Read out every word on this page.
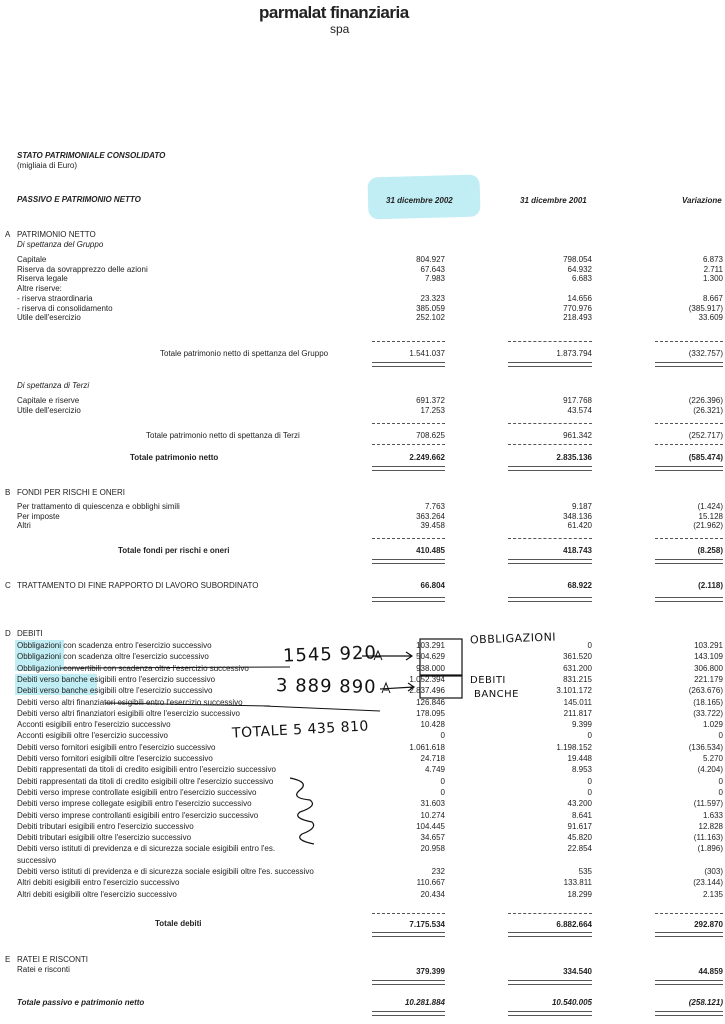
parmalat finanziaria
spa
STATO PATRIMONIALE CONSOLIDATO
(migliaia di Euro)
PASSIVO E PATRIMONIO NETTO	31 dicembre 2002	31 dicembre 2001	Variazione
A PATRIMONIO NETTO
Di spettanza del Gruppo
Capitale	804.927	798.054	6.873
Riserva da sovrapprezzo delle azioni	67.643	64.932	2.711
Riserva legale	7.983	6.683	1.300
Altre riserve:
- riserva straordinaria	23.323	14.656	8.667
- riserva di consolidamento	385.059	770.976	(385.917)
Utile dell'esercizio	252.102	218.493	33.609
Totale patrimonio netto di spettanza del Gruppo	1.541.037	1.873.794	(332.757)
Di spettanza di Terzi
Capitale e riserve	691.372	917.768	(226.396)
Utile dell'esercizio	17.253	43.574	(26.321)
Totale patrimonio netto di spettanza di Terzi	708.625	961.342	(252.717)
Totale patrimonio netto	2.249.662	2.835.136	(585.474)
B FONDI PER RISCHI E ONERI
Per trattamento di quiescenza e obblighi simili	7.763	9.187	(1.424)
Per imposte	363.264	348.136	15.128
Altri	39.458	61.420	(21.962)
Totale fondi per rischi e oneri	410.485	418.743	(8.258)
C TRATTAMENTO DI FINE RAPPORTO DI LAVORO SUBORDINATO	66.804	68.922	(2.118)
D DEBITI
Obbligazioni con scadenza entro l'esercizio successivo	103.291	0	103.291
Obbligazioni con scadenza oltre l'esercizio successivo	504.629	361.520	143.109
Obbligazioni convertibili con scadenza oltre l'esercizio successivo	938.000	631.200	306.800
Debiti verso banche esigibili entro l'esercizio successivo	1.052.394	831.215	221.179
Debiti verso banche esigibili oltre l'esercizio successivo	2.837.496	3.101.172	(263.676)
Debiti verso altri finanziatori esigibili entro l'esercizio successivo	126.846	145.011	(18.165)
Debiti verso altri finanziatori esigibili oltre l'esercizio successivo	178.095	211.817	(33.722)
Acconti esigibili entro l'esercizio successivo	10.428	9.399	1.029
Acconti esigibili oltre l'esercizio successivo	0	0	0
Debiti verso fornitori esigibili entro l'esercizio successivo	1.061.618	1.198.152	(136.534)
Debiti verso fornitori esigibili oltre l'esercizio successivo	24.718	19.448	5.270
Debiti rappresentati da titoli di credito esigibili entro l'esercizio successivo	4.749	8.953	(4.204)
Debiti rappresentati da titoli di credito esigibili oltre l'esercizio successivo	0	0	0
Debiti verso imprese controllate esigibili entro l'esercizio successivo	0	0	0
Debiti verso imprese collegate esigibili entro l'esercizio successivo	31.603	43.200	(11.597)
Debiti verso imprese controllanti esigibili entro l'esercizio successivo	10.274	8.641	1.633
Debiti tributari esigibili entro l'esercizio successivo	104.445	91.617	12.828
Debiti tributari esigibili oltre l'esercizio successivo	34.657	45.820	(11.163)
Debiti verso istituti di previdenza e di sicurezza sociale esigibili entro l'es.	20.958	22.854	(1.896)
successivo
Debiti verso istituti di previdenza e di sicurezza sociale esigibili oltre l'es. successivo	232	535	(303)
Altri debiti esigibili entro l'esercizio successivo	110.667	133.811	(23.144)
Altri debiti esigibili oltre l'esercizio successivo	20.434	18.299	2.135
Totale debiti	7.175.534	6.882.664	292.870
E RATEI E RISCONTI
Ratei e risconti	379.399	334.540	44.859
Totale passivo e patrimonio netto	10.281.884	10.540.005	(258.121)
1545 920
3 889 890
TOTALE 5 435 810
OBBLIGAZIONI
DEBITI
BANCHE
